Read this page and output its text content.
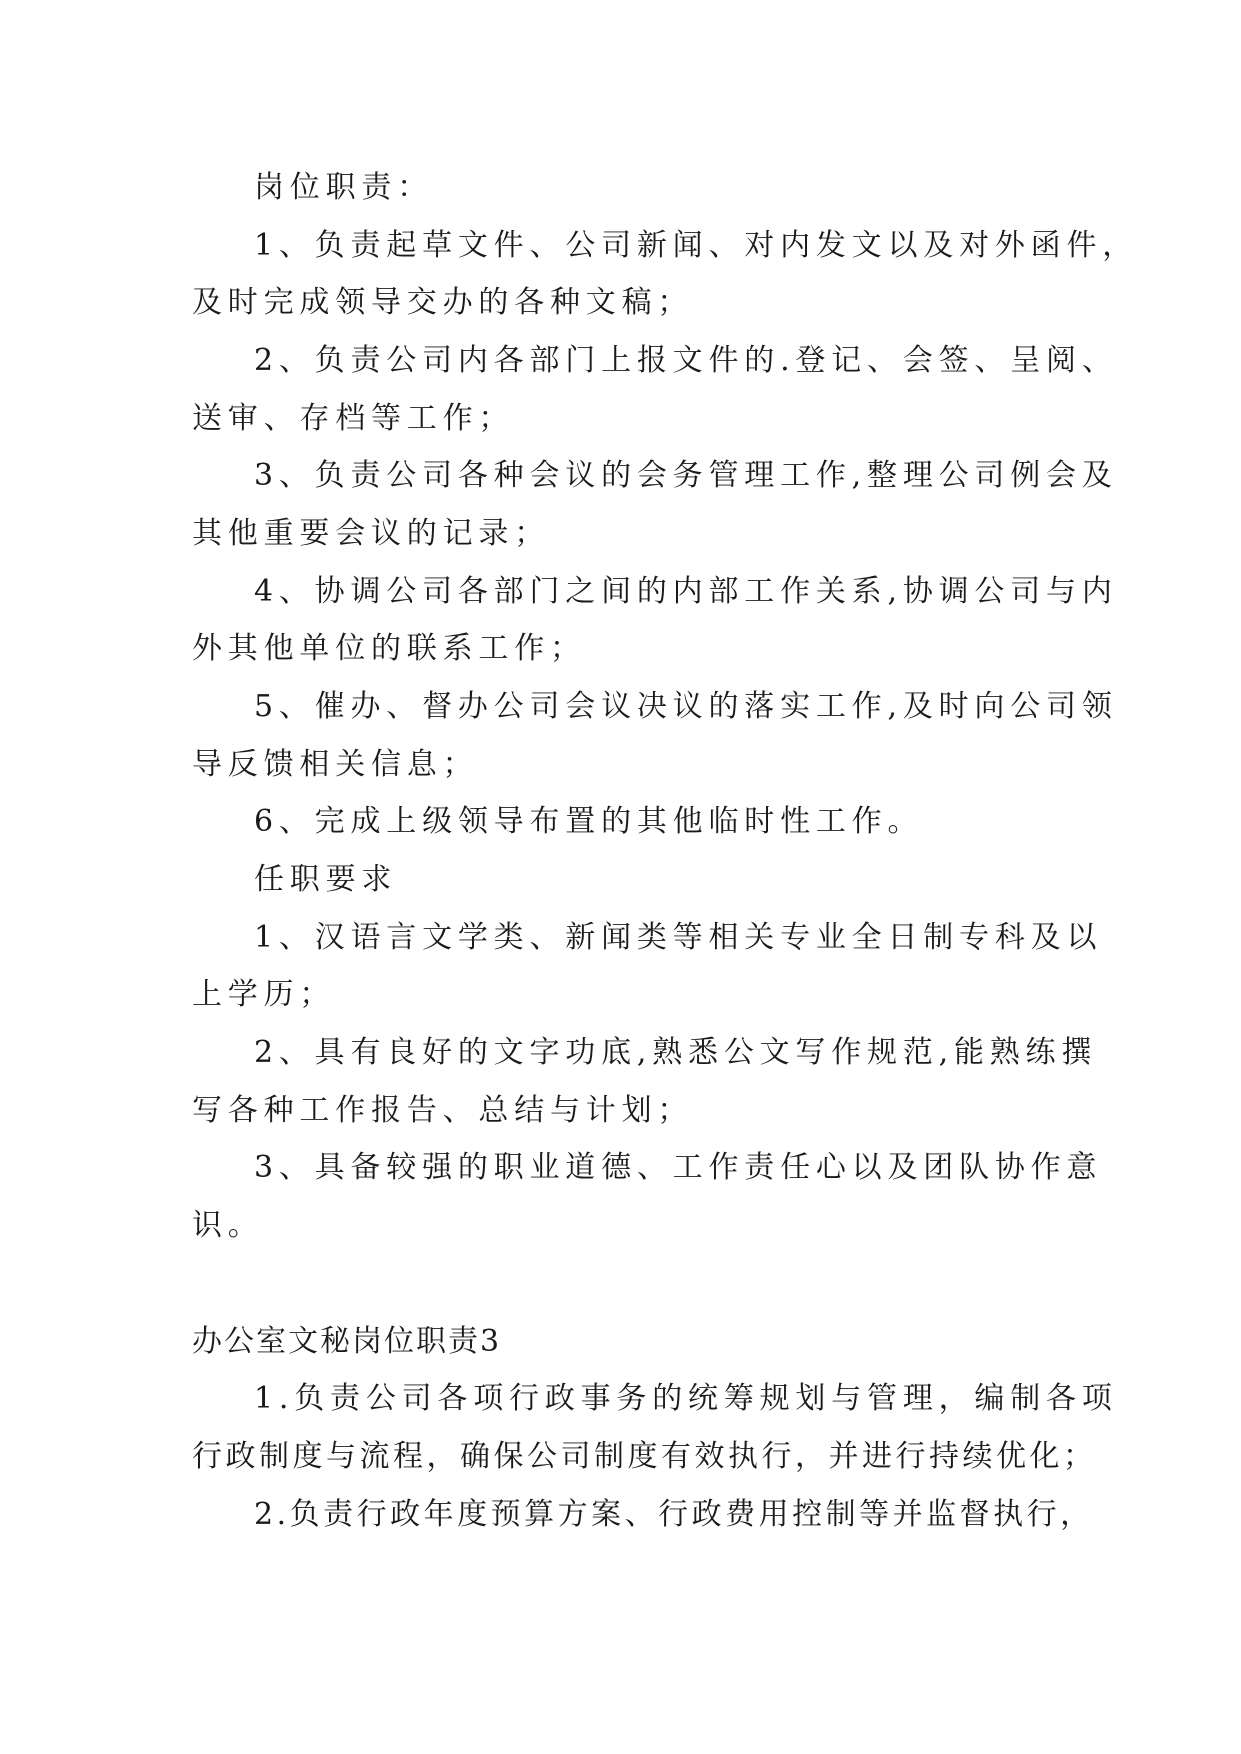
岗位职责：
1、负责起草文件、公司新闻、对内发文以及对外函件，
及时完成领导交办的各种文稿；
2、负责公司内各部门上报文件的.登记、会签、呈阅、
送审、存档等工作；
3、负责公司各种会议的会务管理工作,整理公司例会及
其他重要会议的记录；
4、协调公司各部门之间的内部工作关系,协调公司与内
外其他单位的联系工作；
5、催办、督办公司会议决议的落实工作,及时向公司领
导反馈相关信息；
6、完成上级领导布置的其他临时性工作。
任职要求
1、汉语言文学类、新闻类等相关专业全日制专科及以
上学历；
2、具有良好的文字功底,熟悉公文写作规范,能熟练撰
写各种工作报告、总结与计划；
3、具备较强的职业道德、工作责任心以及团队协作意
识。
办公室文秘岗位职责3
1.负责公司各项行政事务的统筹规划与管理，编制各项
行政制度与流程，确保公司制度有效执行，并进行持续优化；
2.负责行政年度预算方案、行政费用控制等并监督执行，
